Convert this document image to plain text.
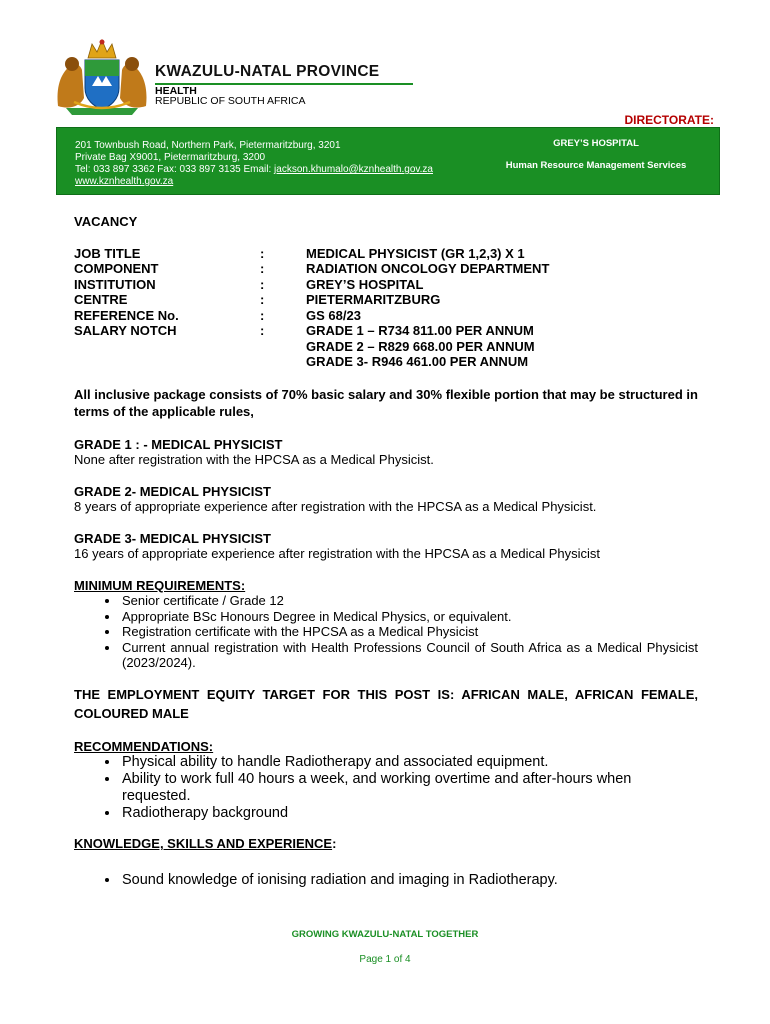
KWAZULU-NATAL PROVINCE
HEALTH
REPUBLIC OF SOUTH AFRICA
DIRECTORATE:
201 Townbush Road, Northern Park, Pietermaritzburg, 3201
Private Bag X9001, Pietermaritzburg, 3200
Tel: 033 897 3362 Fax: 033 897 3135 Email: jackson.khumalo@kznhealth.gov.za
www.kznhealth.gov.za
GREY’S HOSPITAL
Human Resource Management Services
VACANCY
JOB TITLE	:	MEDICAL PHYSICIST (GR 1,2,3) X 1
COMPONENT	:	RADIATION ONCOLOGY DEPARTMENT
INSTITUTION	:	GREY’S HOSPITAL
CENTRE	:	PIETERMARITZBURG
REFERENCE No.	:	GS 68/23
SALARY NOTCH	:	GRADE 1 – R734 811.00 PER ANNUM
GRADE 2 – R829 668.00 PER ANNUM
GRADE 3- R946 461.00 PER ANNUM
All inclusive package consists of 70% basic salary and 30% flexible portion that may be structured in terms of the applicable rules,
GRADE 1 : - MEDICAL PHYSICIST
None after registration with the HPCSA as a Medical Physicist.
GRADE 2- MEDICAL PHYSICIST
8 years of appropriate experience after registration with the HPCSA as a Medical Physicist.
GRADE 3- MEDICAL PHYSICIST
16 years of appropriate experience after registration with the HPCSA as a Medical Physicist
MINIMUM REQUIREMENTS:
• Senior certificate / Grade 12
• Appropriate BSc Honours Degree in Medical Physics, or equivalent.
• Registration certificate with the HPCSA as a Medical Physicist
• Current annual registration with Health Professions Council of South Africa as a Medical Physicist (2023/2024).
THE EMPLOYMENT EQUITY TARGET FOR THIS POST IS: AFRICAN MALE, AFRICAN FEMALE, COLOURED MALE
RECOMMENDATIONS:
• Physical ability to handle Radiotherapy and associated equipment.
• Ability to work full 40 hours a week, and working overtime and after-hours when requested.
• Radiotherapy background
KNOWLEDGE, SKILLS AND EXPERIENCE:
• Sound knowledge of ionising radiation and imaging in Radiotherapy.
GROWING KWAZULU-NATAL TOGETHER
Page 1 of 4
